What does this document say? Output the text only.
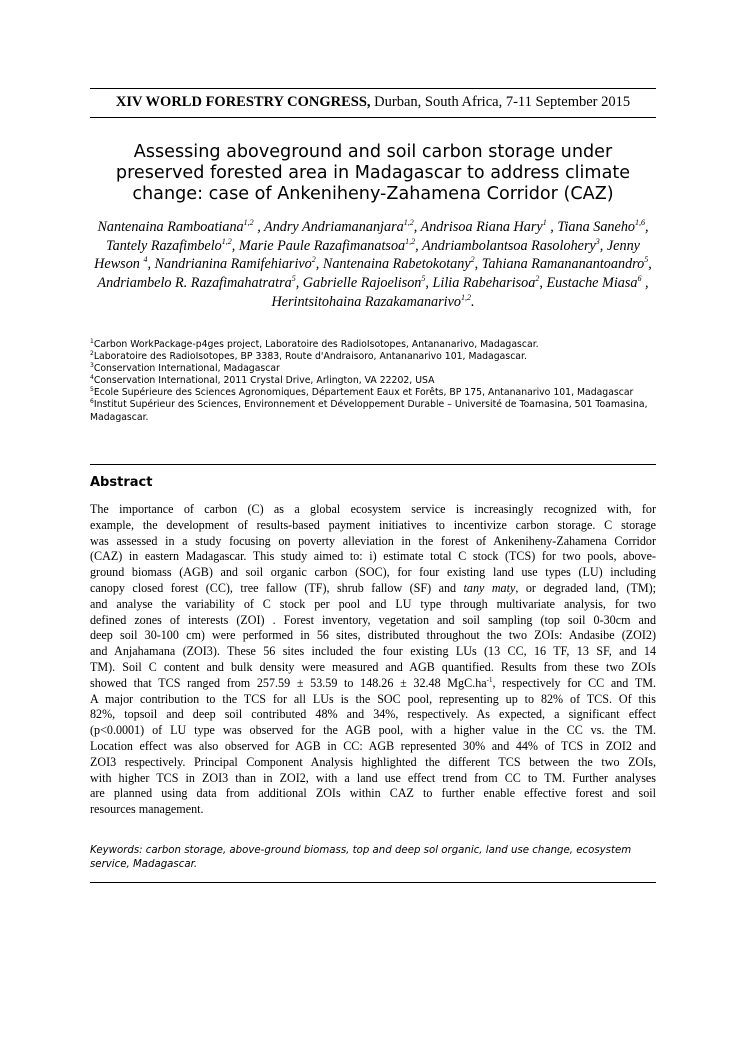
XIV WORLD FORESTRY CONGRESS, Durban, South Africa, 7-11 September 2015
Assessing aboveground and soil carbon storage under preserved forested area in Madagascar to address climate change: case of Ankeniheny-Zahamena Corridor (CAZ)
Nantenaina Ramboatiana$^{1,2}$ , Andry Andriamananjara$^{1,2}$, Andrisoa Riana Hary$^1$ , Tiana Saneho$^{1,6}$, Tantely Razafimbelo$^{1,2}$, Marie Paule Razafimanatsoa$^{1,2}$, Andriambolantsoa Rasolohery$^3$, Jenny Hewson $^4$, Nandrianina Ramifehiarivo$^2$, Nantenaina Rabetokotany$^2$, Tahiana Ramananantoandro$^5$, Andriambelo R. Razafimahatratra$^5$, Gabrielle Rajoelison$^5$, Lilia Rabeharisoa$^2$, Eustache Miasa$^6$ , Herintsitohaina Razakamanarivo$^{1,2}$.
$^1$Carbon WorkPackage-p4ges project, Laboratoire des RadioIsotopes, Antananarivo, Madagascar.
$^2$Laboratoire des RadioIsotopes, BP 3383, Route d'Andraisoro, Antananarivo 101, Madagascar.
$^3$Conservation International, Madagascar
$^4$Conservation International, 2011 Crystal Drive, Arlington, VA 22202, USA
$^5$Ecole Supérieure des Sciences Agronomiques, Département Eaux et Forêts, BP 175, Antananarivo 101, Madagascar
$^6$Institut Supérieur des Sciences, Environnement et Développement Durable – Université de Toamasina, 501 Toamasina, Madagascar.
Abstract
The importance of carbon (C) as a global ecosystem service is increasingly recognized with, for
example, the development of results-based payment initiatives to incentivize carbon storage. C storage
was assessed in a study focusing on poverty alleviation in the forest of Ankeniheny-Zahamena Corridor
(CAZ) in eastern Madagascar. This study aimed to: i) estimate total C stock (TCS) for two pools, above-
ground biomass (AGB) and soil organic carbon (SOC), for four existing land use types (LU) including
canopy closed forest (CC), tree fallow (TF), shrub fallow (SF) and tany maty, or degraded land, (TM);
and analyse the variability of C stock per pool and LU type through multivariate analysis, for two
defined zones of interests (ZOI) . Forest inventory, vegetation and soil sampling (top soil 0-30cm and
deep soil 30-100 cm) were performed in 56 sites, distributed throughout the two ZOIs: Andasibe (ZOI2)
and Anjahamana (ZOI3). These 56 sites included the four existing LUs (13 CC, 16 TF, 13 SF, and 14
TM). Soil C content and bulk density were measured and AGB quantified. Results from these two ZOIs
showed that TCS ranged from 257.59 ± 53.59 to 148.26 ± 32.48 $MgC.ha^{-1}$, respectively for CC and TM.
A major contribution to the TCS for all LUs is the SOC pool, representing up to 82% of TCS. Of this
82%, topsoil and deep soil contributed 48% and 34%, respectively. As expected, a significant effect
(p<0.0001) of LU type was observed for the AGB pool, with a higher value in the CC vs. the TM.
Location effect was also observed for AGB in CC: AGB represented 30% and 44% of TCS in ZOI2 and
ZOI3 respectively. Principal Component Analysis highlighted the different TCS between the two ZOIs,
with higher TCS in ZOI3 than in ZOI2, with a land use effect trend from CC to TM. Further analyses
are planned using data from additional ZOIs within CAZ to further enable effective forest and soil
resources management.
Keywords: carbon storage, above-ground biomass, top and deep sol organic, land use change, ecosystem service, Madagascar.
